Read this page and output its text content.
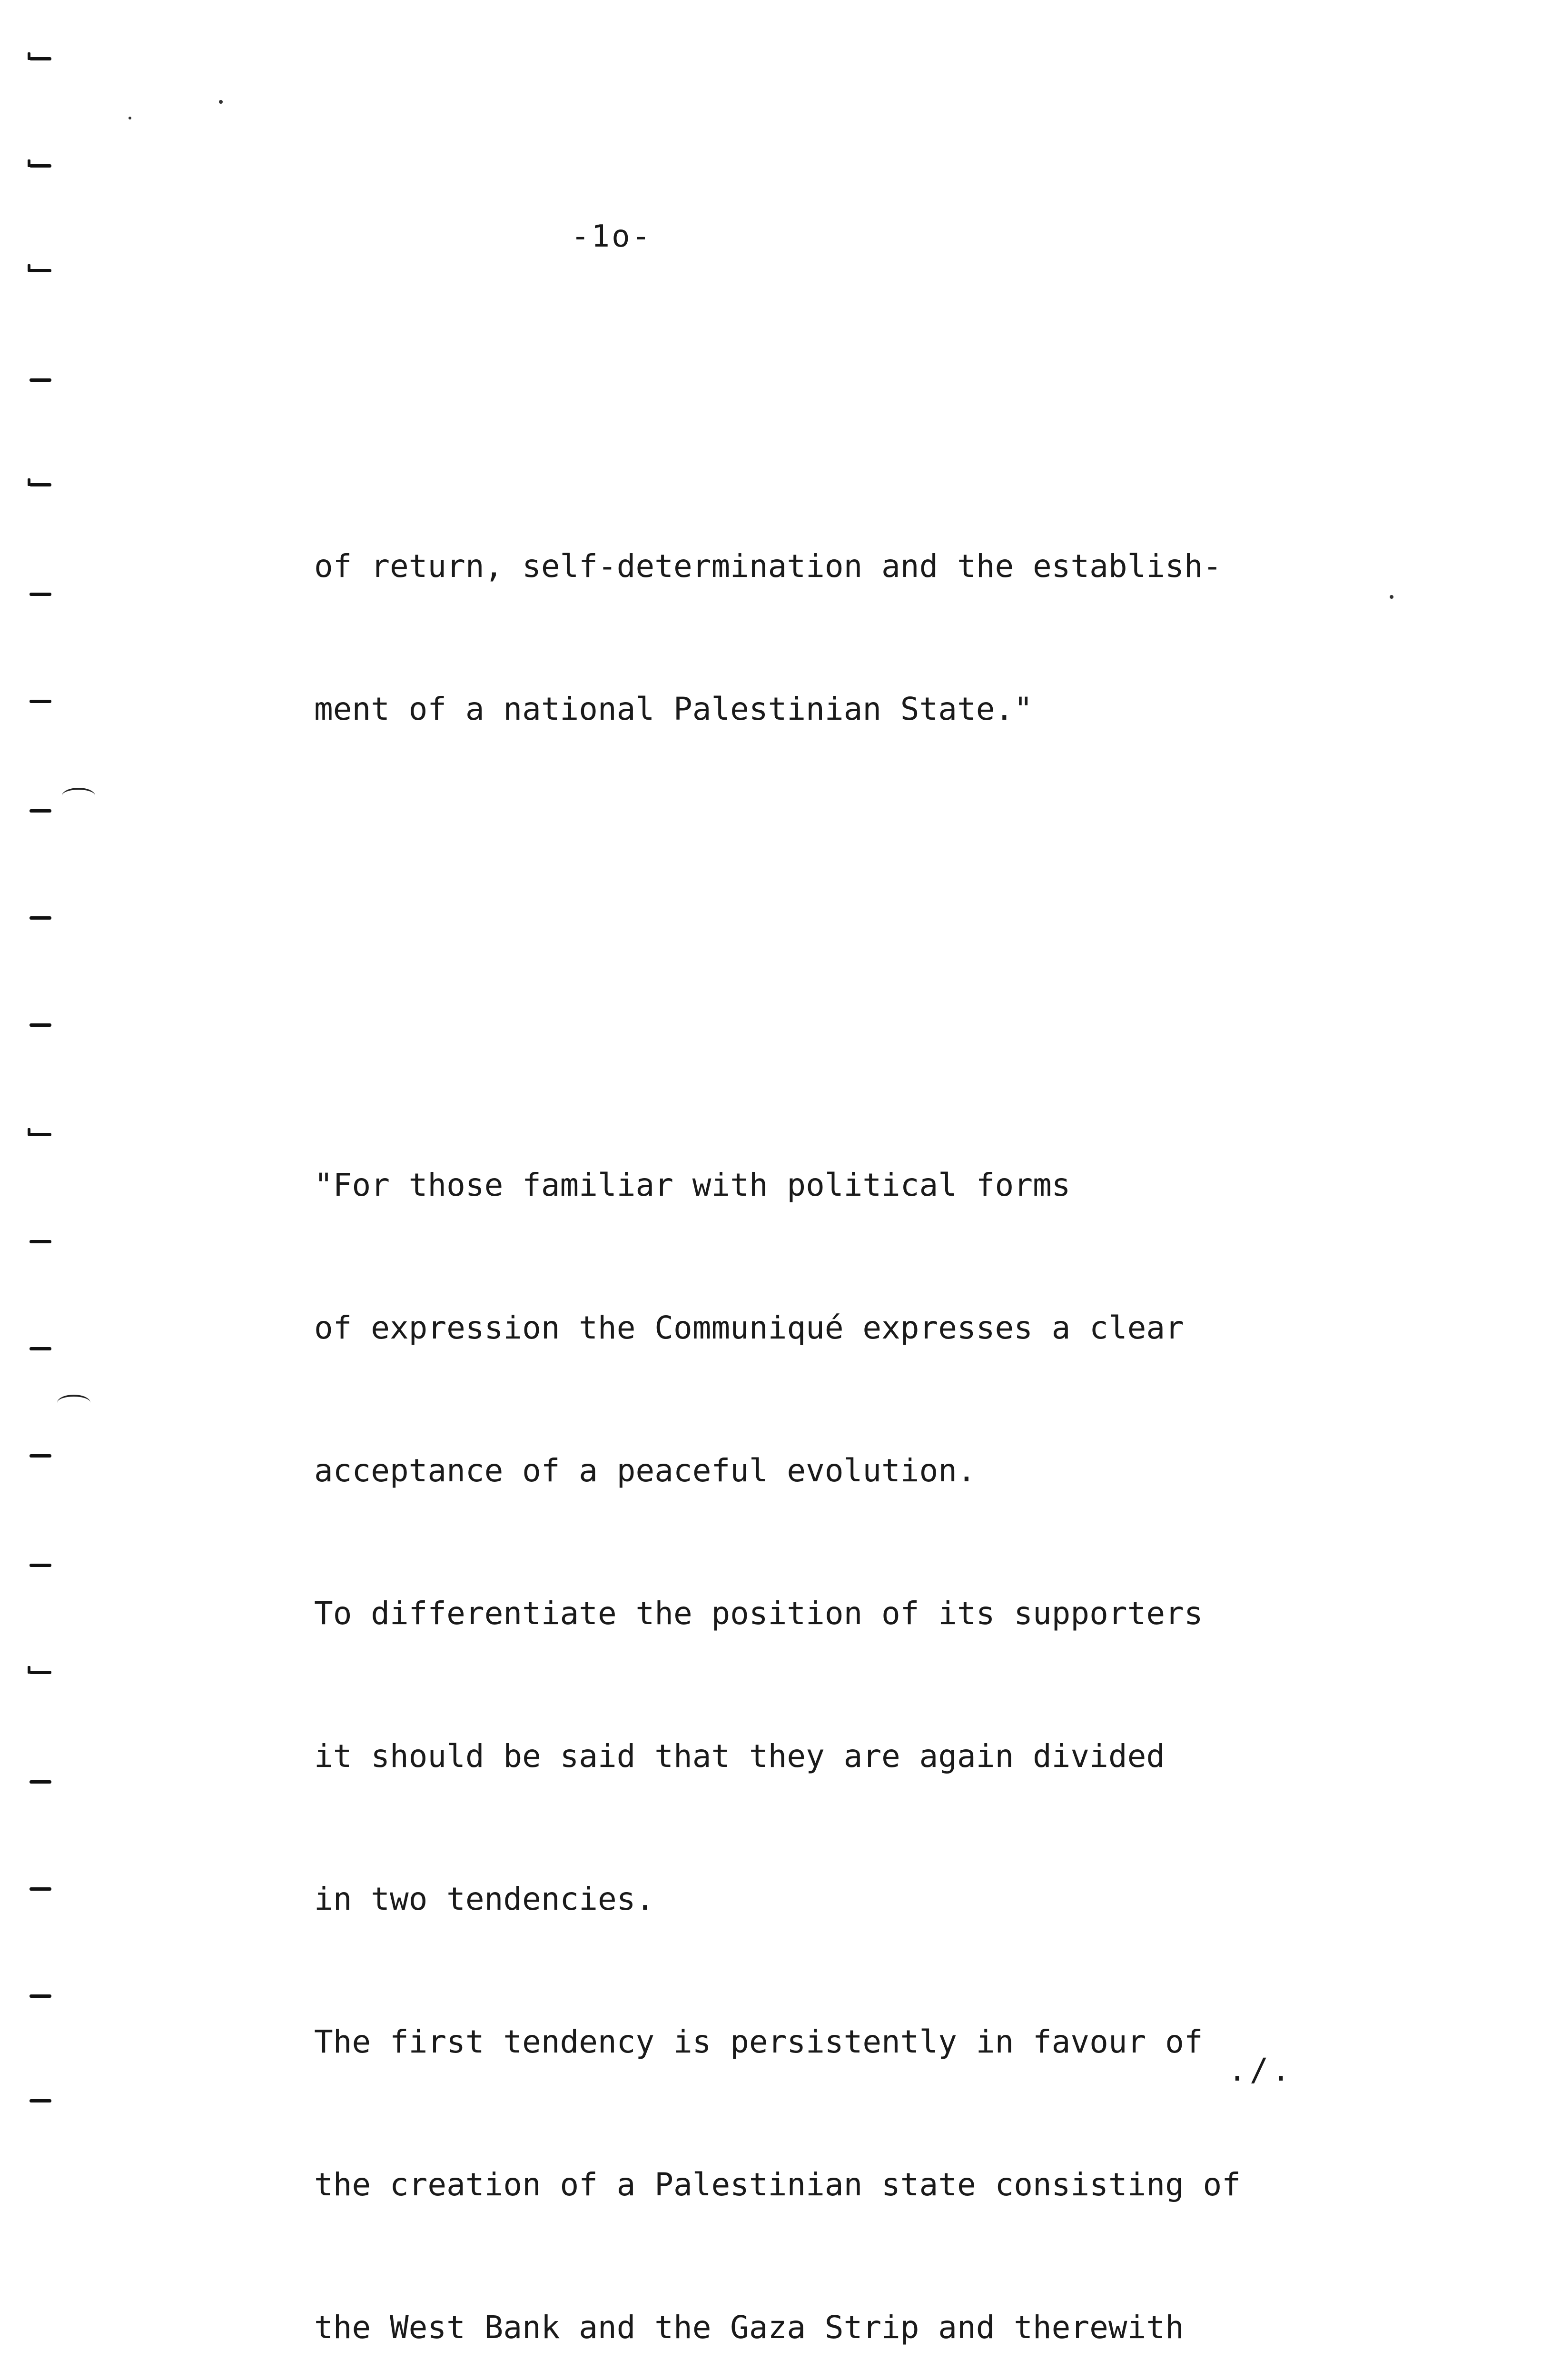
-1o-

of return, self-determination and the establish-

ment of a national Palestinian State."

"For those familiar with political forms

of expression the Communiqué expresses a clear

acceptance of a peaceful evolution.

To differentiate the position of its supporters

it should be said that they are again divided

in two tendencies.

The first tendency is persistently in favour of

the creation of a Palestinian state consisting of

the West Bank and the Gaza Strip and therewith

./.
